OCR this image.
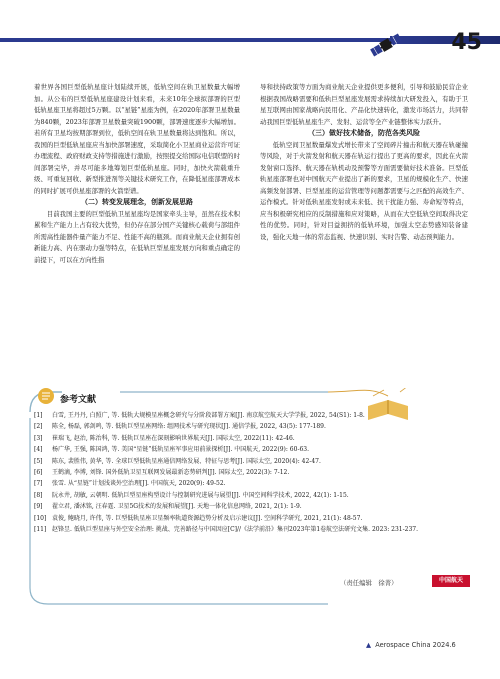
45

着世界各国巨型低轨星座计划陆续开展，低轨空间在轨卫星数量大幅增加。从公布的巨型低轨星座建设计划来看，未来10年全球拟部署的巨型低轨星座卫星将超过5万颗。以“星链”星座为例，在2020年部署卫星数量为840颗，2023年部署卫星数量突破1900颗，部署速度逐步大幅增加。若所有卫星均按期部署到位，低轨空间在轨卫星数量将达到饱和。所以，我国的巨型低轨星座应当加快部署速度，采取简化小卫星商业运营许可证办理流程、政府财政支持等措施进行激励，按照提交给国际电信联盟的时间部署完毕，并尽可能多地筹划巨型低轨星座。同时，加快火箭载重升级、可重复回收、新型推进剂等关键技术研究工作，在降低星座部署成本的同时扩展可供星座部署的火箭型谱。

（二）转变发展理念，创新发展思路

目前我国主要的巨型低轨卫星星座均是国家牵头主导，虽然在技术积累和生产能力上占有较大优势，但仍存在部分国产关键核心载荷与部组件所需高性能器件量产能力不足、性能不高的瓶颈。而商业航天企业拥有创新能力高、内在驱动力强等特点，在低轨巨型星座发展方向和重点确定的前提下，可以在方向性指

导和扶持政策等方面为商业航天企业提供更多便利，引导和鼓励民营企业根据我国战略需要和低轨巨型星座发展需求持续加大研发投入，有助于卫星互联网由国家战略向民用化、产品化快速转化，激发市场活力，共同带动我国巨型低轨星座生产、发射、运营等全产业链整体实力跃升。

（三）做好技术储备，防范各类风险

低轨空间卫星数量爆发式增长带来了空间碎片撞击和航天器在轨碰撞等风险，对于火箭发射和航天器在轨运行提出了更高的要求，因此在火箭发射窗口选择、航天器在轨机动及预警等方面需要做好技术准备。巨型低轨星座部署也对中国航天产业提出了新的要求，卫星的规模化生产、快速高频发射部署、巨型星座的运营管理等问题都需要与之匹配的高效生产、运作模式。针对低轨星座发射或未来低、抗干扰能力强、寿命短等特点，应当积极研究相应的反制措施和应对策略，从而在大空低轨空间取得决定性的优势。同时，针对目益拥挤的低轨环境，加强太空态势感知装备建设，强化天地一体的常态监视、快速识别、实时告警、动态预判能力。

参考文献
[1]	白雪, 王丹丹, 白照广, 等. 低轨大规模星座概念研究与分阶段部署方案[J]. 南京航空航天大学学报, 2022, 54(S1): 1-8.
[2]	陈全, 杨磊, 郭剑鸣, 等. 低轨巨型星座网络: 组网技术与研究现状[J]. 通信学报, 2022, 43(5): 177-189.
[3]	崔瑞飞, 赵治, 陈治科, 等. 低轨巨星座在深刻影响世界航天[J]. 国际太空, 2022(11): 42-46.
[4]	杨广华, 王强, 陈国鸿, 等. 美国“星链”低轨星座军事应用前景探析[J]. 中国航天, 2022(9): 60-63.
[5]	陈东, 裴胜伟, 黄华, 等. 全球巨型低轨星座通信网络发展、特征与思考[J]. 国际太空, 2020(4): 42-47.
[6]	王鹤滴, 李博, 刘锋. 国外低轨卫星互联网发展最新态势研判[J]. 国际太空, 2022(3): 7-12.
[7]	张雪. 从“星链”计划浅谈外空治理[J]. 中国航天, 2020(9): 49-52.
[8]	阮永井, 胡敏, 云朝明. 低轨巨型星座构型设计与控制研究进展与展望[J]. 中国空间科学技术, 2022, 42(1): 1-15.
[9]	翟立君, 潘沭铭, 汪春霆. 卫星5G技术的发展和展望[J]. 天地一体化信息网络, 2021, 2(1): 1-9.
[10] 袁俊, 鲍晓月, 许伟, 等. 巨型低轨星座卫星频率轨道资源趋势分析及启示建议[J]. 空间科学研究, 2021, 21(1): 48-57.
[11] 赵锋昱. 低轨巨型星座与外空安全治理: 挑战、完善路径与中国因应[C]//《法学前沿》集刊2023年第1卷航空法研究文集. 2023: 231-237.
（责任编辑　徐菁）	中国航天
▲ Aerospace China 2024.6
